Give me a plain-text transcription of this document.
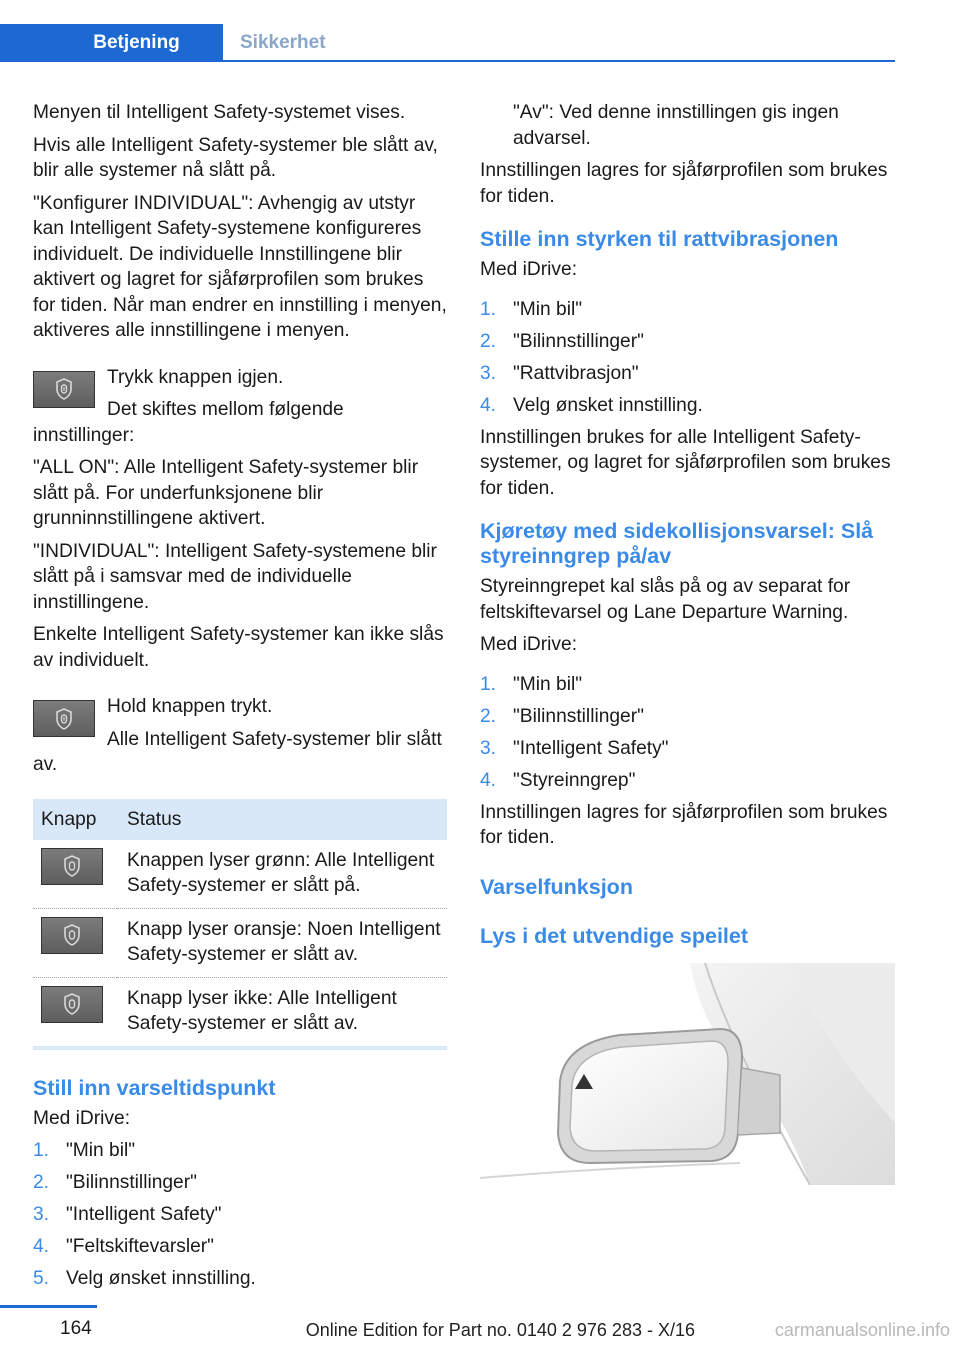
Betjening	Sikkerhet

Menyen til Intelligent Safety-systemet vises.

Hvis alle Intelligent Safety-systemer ble slått av, blir alle systemer nå slått på.

"Konfigurer INDIVIDUAL": Avhengig av utstyr kan Intelligent Safety-systemene konfigureres individuelt. De individuelle Innstillingene blir aktivert og lagret for sjåførprofilen som brukes for tiden. Når man endrer en innstilling i menyen, aktiveres alle innstillingene i menyen.

Trykk knappen igjen.

Det skiftes mellom følgende innstillinger:

"ALL ON": Alle Intelligent Safety-systemer blir slått på. For underfunksjonene blir grunninnstillingene aktivert.

"INDIVIDUAL": Intelligent Safety-systemene blir slått på i samsvar med de individuelle innstillingene.

Enkelte Intelligent Safety-systemer kan ikke slås av individuelt.

Hold knappen trykt.

Alle Intelligent Safety-systemer blir slått av.

Knapp	Status

	Knappen lyser grønn: Alle Intelligent Safety-systemer er slått på.

	Knapp lyser oransje: Noen Intelligent Safety-systemer er slått av.

	Knapp lyser ikke: Alle Intelligent Safety-systemer er slått av.
Still inn varseltidspunkt

Med iDrive:

1. "Min bil"
2. "Bilinnstillinger"
3. "Intelligent Safety"
4. "Feltskiftevarsler"
5. Velg ønsket innstilling.

"Av": Ved denne innstillingen gis ingen advarsel.

Innstillingen lagres for sjåførprofilen som brukes for tiden.

Stille inn styrken til rattvibrasjonen

Med iDrive:

1. "Min bil"
2. "Bilinnstillinger"
3. "Rattvibrasjon"
4. Velg ønsket innstilling.

Innstillingen brukes for alle Intelligent Safety-systemer, og lagret for sjåførprofilen som brukes for tiden.

Kjøretøy med sidekollisjonsvarsel: Slå styreinngrep på/av

Styreinngrepet kal slås på og av separat for feltskiftevarsel og Lane Departure Warning.

Med iDrive:

1. "Min bil"
2. "Bilinnstillinger"
3. "Intelligent Safety"
4. "Styreinngrep"

Innstillingen lagres for sjåførprofilen som brukes for tiden.

Varselfunksjon
Lys i det utvendige speilet
164	Online Edition for Part no. 0140 2 976 283 - X/16	carmanualsonline.info
